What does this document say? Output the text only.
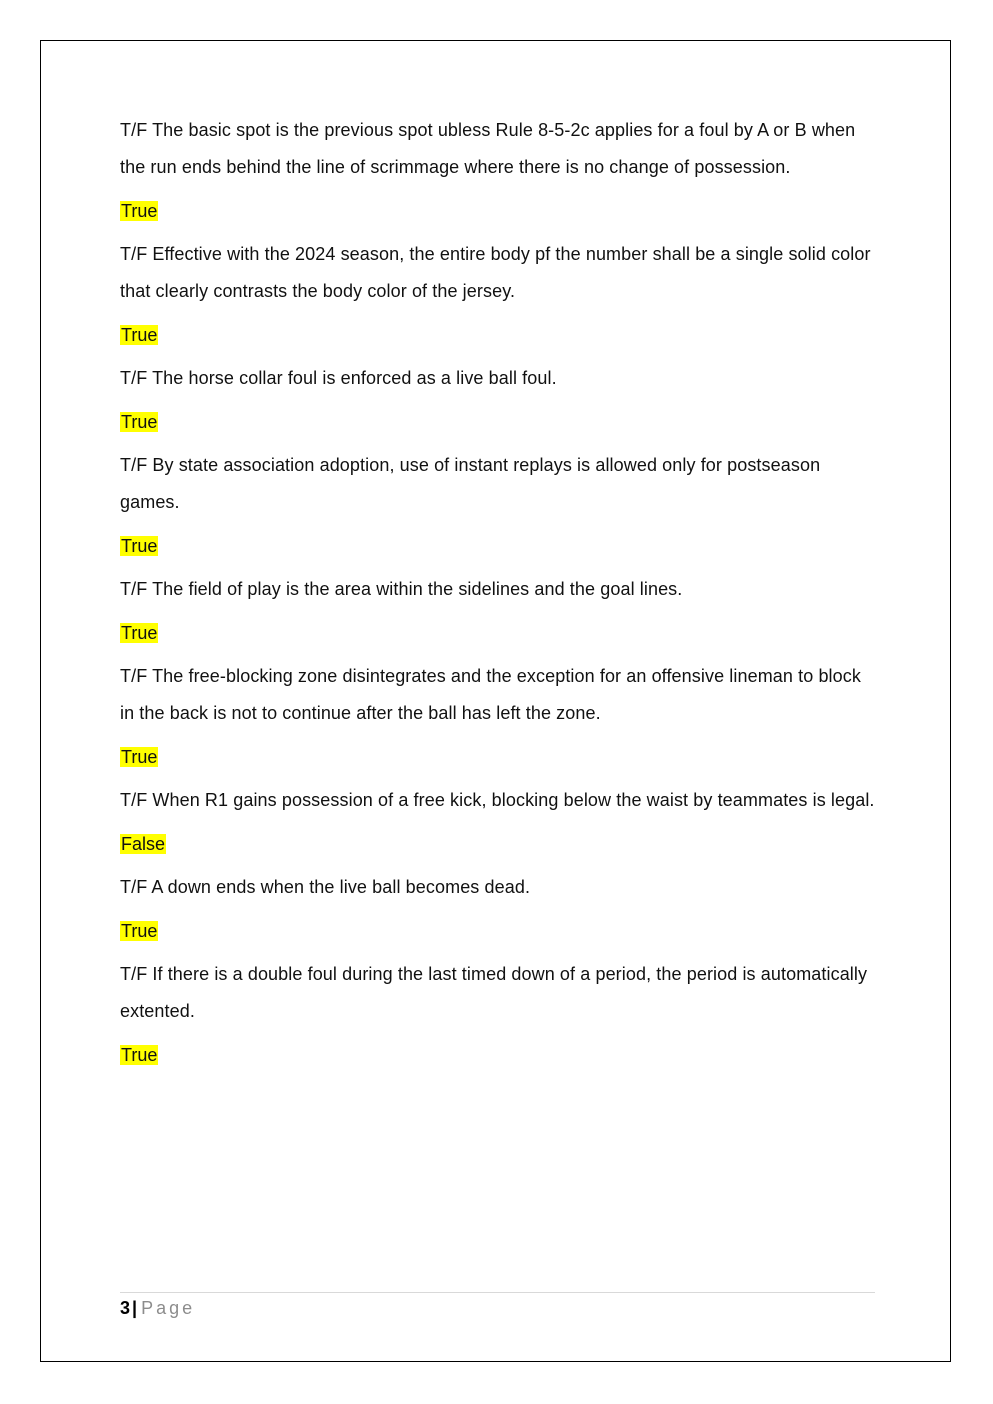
T/F The basic spot is the previous spot ubless Rule 8-5-2c applies for a foul by A or B when the run ends behind the line of scrimmage where there is no change of possession.

True

T/F Effective with the 2024 season, the entire body pf the number shall be a single solid color that clearly contrasts the body color of the jersey.

True

T/F The horse collar foul is enforced as a live ball foul.

True

T/F By state association adoption, use of instant replays is allowed only for postseason games.

True

T/F The field of play is the area within the sidelines and the goal lines.

True

T/F The free-blocking zone disintegrates and the exception for an offensive lineman to block in the back is not to continue after the ball has left the zone.

True

T/F When R1 gains possession of a free kick, blocking below the waist by teammates is legal.

False

T/F A down ends when the live ball becomes dead.

True

T/F If there is a double foul during the last timed down of a period, the period is automatically extented.

True

3 | Page
